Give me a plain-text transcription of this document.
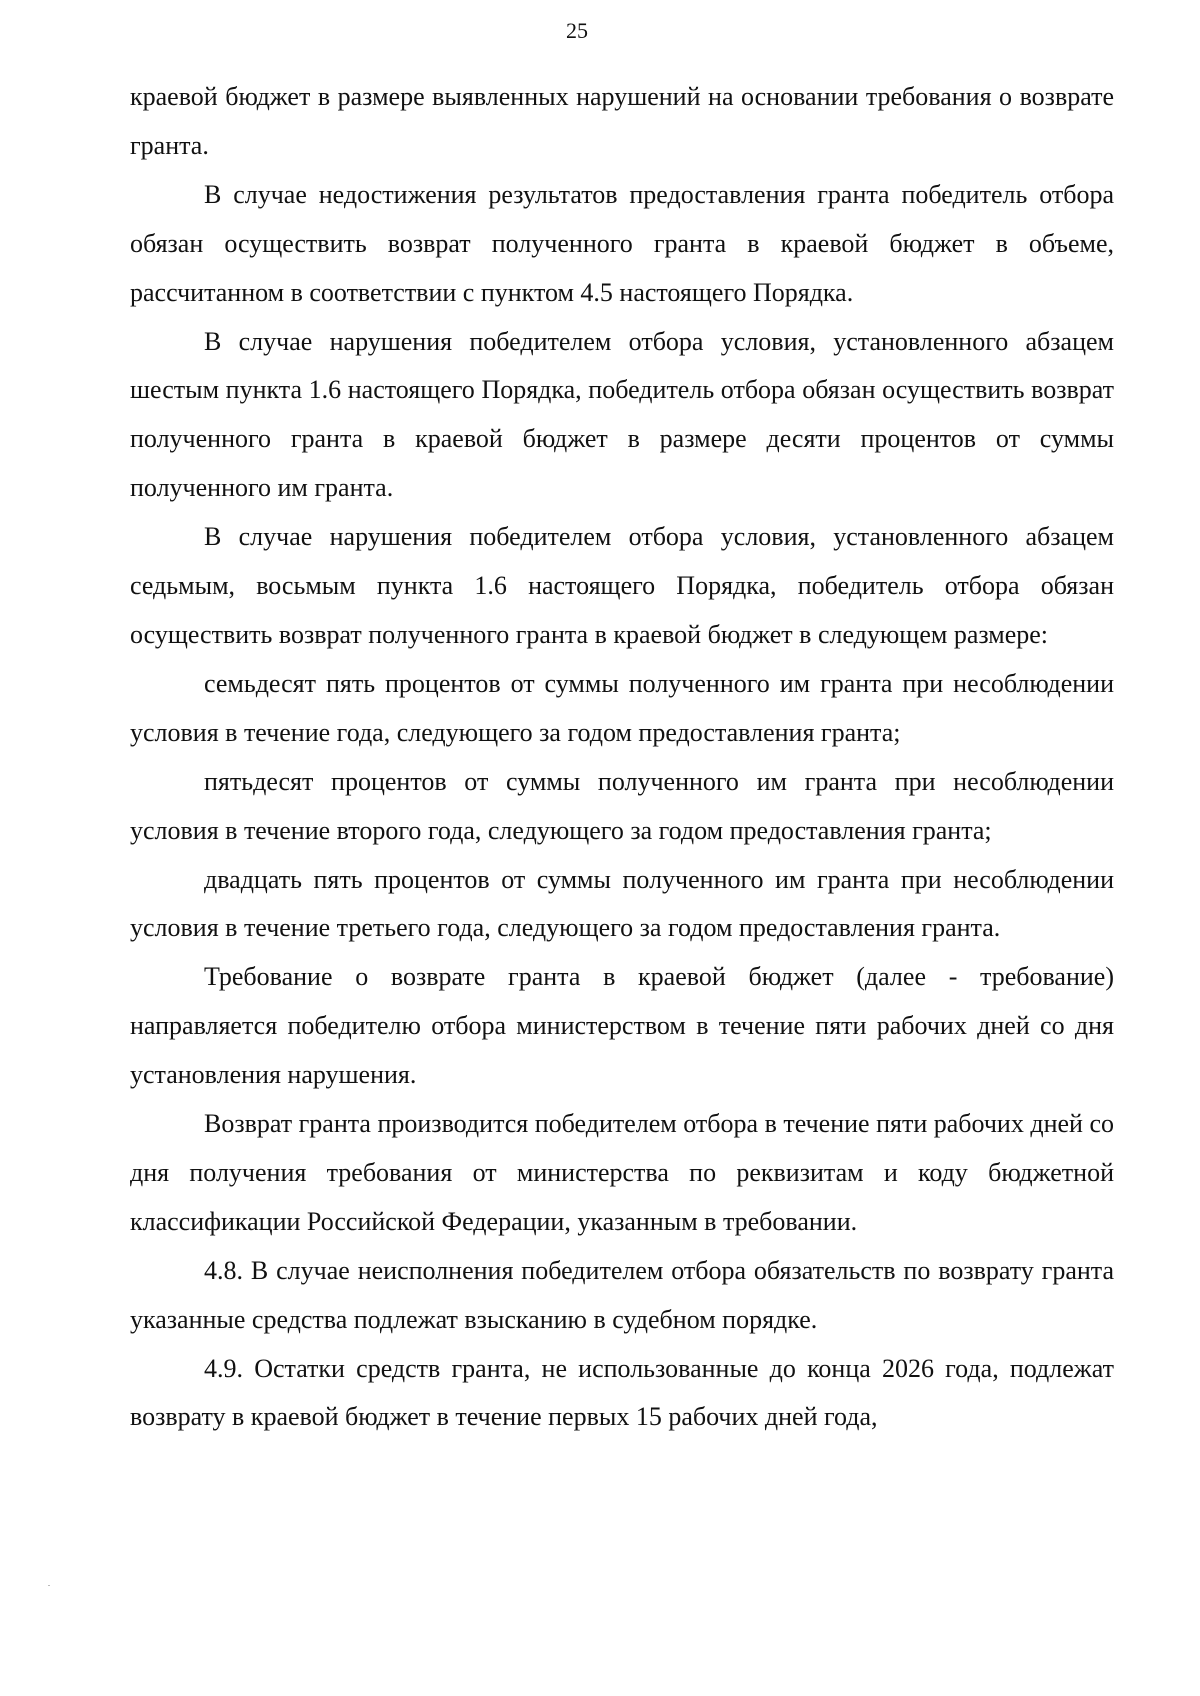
25

краевой бюджет в размере выявленных нарушений на основании требования о возврате гранта.

В случае недостижения результатов предоставления гранта победитель отбора обязан осуществить возврат полученного гранта в краевой бюджет в объеме, рассчитанном в соответствии с пунктом 4.5 настоящего Порядка.

В случае нарушения победителем отбора условия, установленного абзацем шестым пункта 1.6 настоящего Порядка, победитель отбора обязан осуществить возврат полученного гранта в краевой бюджет в размере десяти процентов от суммы полученного им гранта.

В случае нарушения победителем отбора условия, установленного абзацем седьмым, восьмым пункта 1.6 настоящего Порядка, победитель отбора обязан осуществить возврат полученного гранта в краевой бюджет в следующем размере:

семьдесят пять процентов от суммы полученного им гранта при несоблюдении условия в течение года, следующего за годом предоставления гранта;

пятьдесят процентов от суммы полученного им гранта при несоблюдении условия в течение второго года, следующего за годом предоставления гранта;

двадцать пять процентов от суммы полученного им гранта при несоблюдении условия в течение третьего года, следующего за годом предоставления гранта.

Требование о возврате гранта в краевой бюджет (далее - требование) направляется победителю отбора министерством в течение пяти рабочих дней со дня установления нарушения.

Возврат гранта производится победителем отбора в течение пяти рабочих дней со дня получения требования от министерства по реквизитам и коду бюджетной классификации Российской Федерации, указанным в требовании.

4.8. В случае неисполнения победителем отбора обязательств по возврату гранта указанные средства подлежат взысканию в судебном порядке.

4.9. Остатки средств гранта, не использованные до конца 2026 года, подлежат возврату в краевой бюджет в течение первых 15 рабочих дней года,
